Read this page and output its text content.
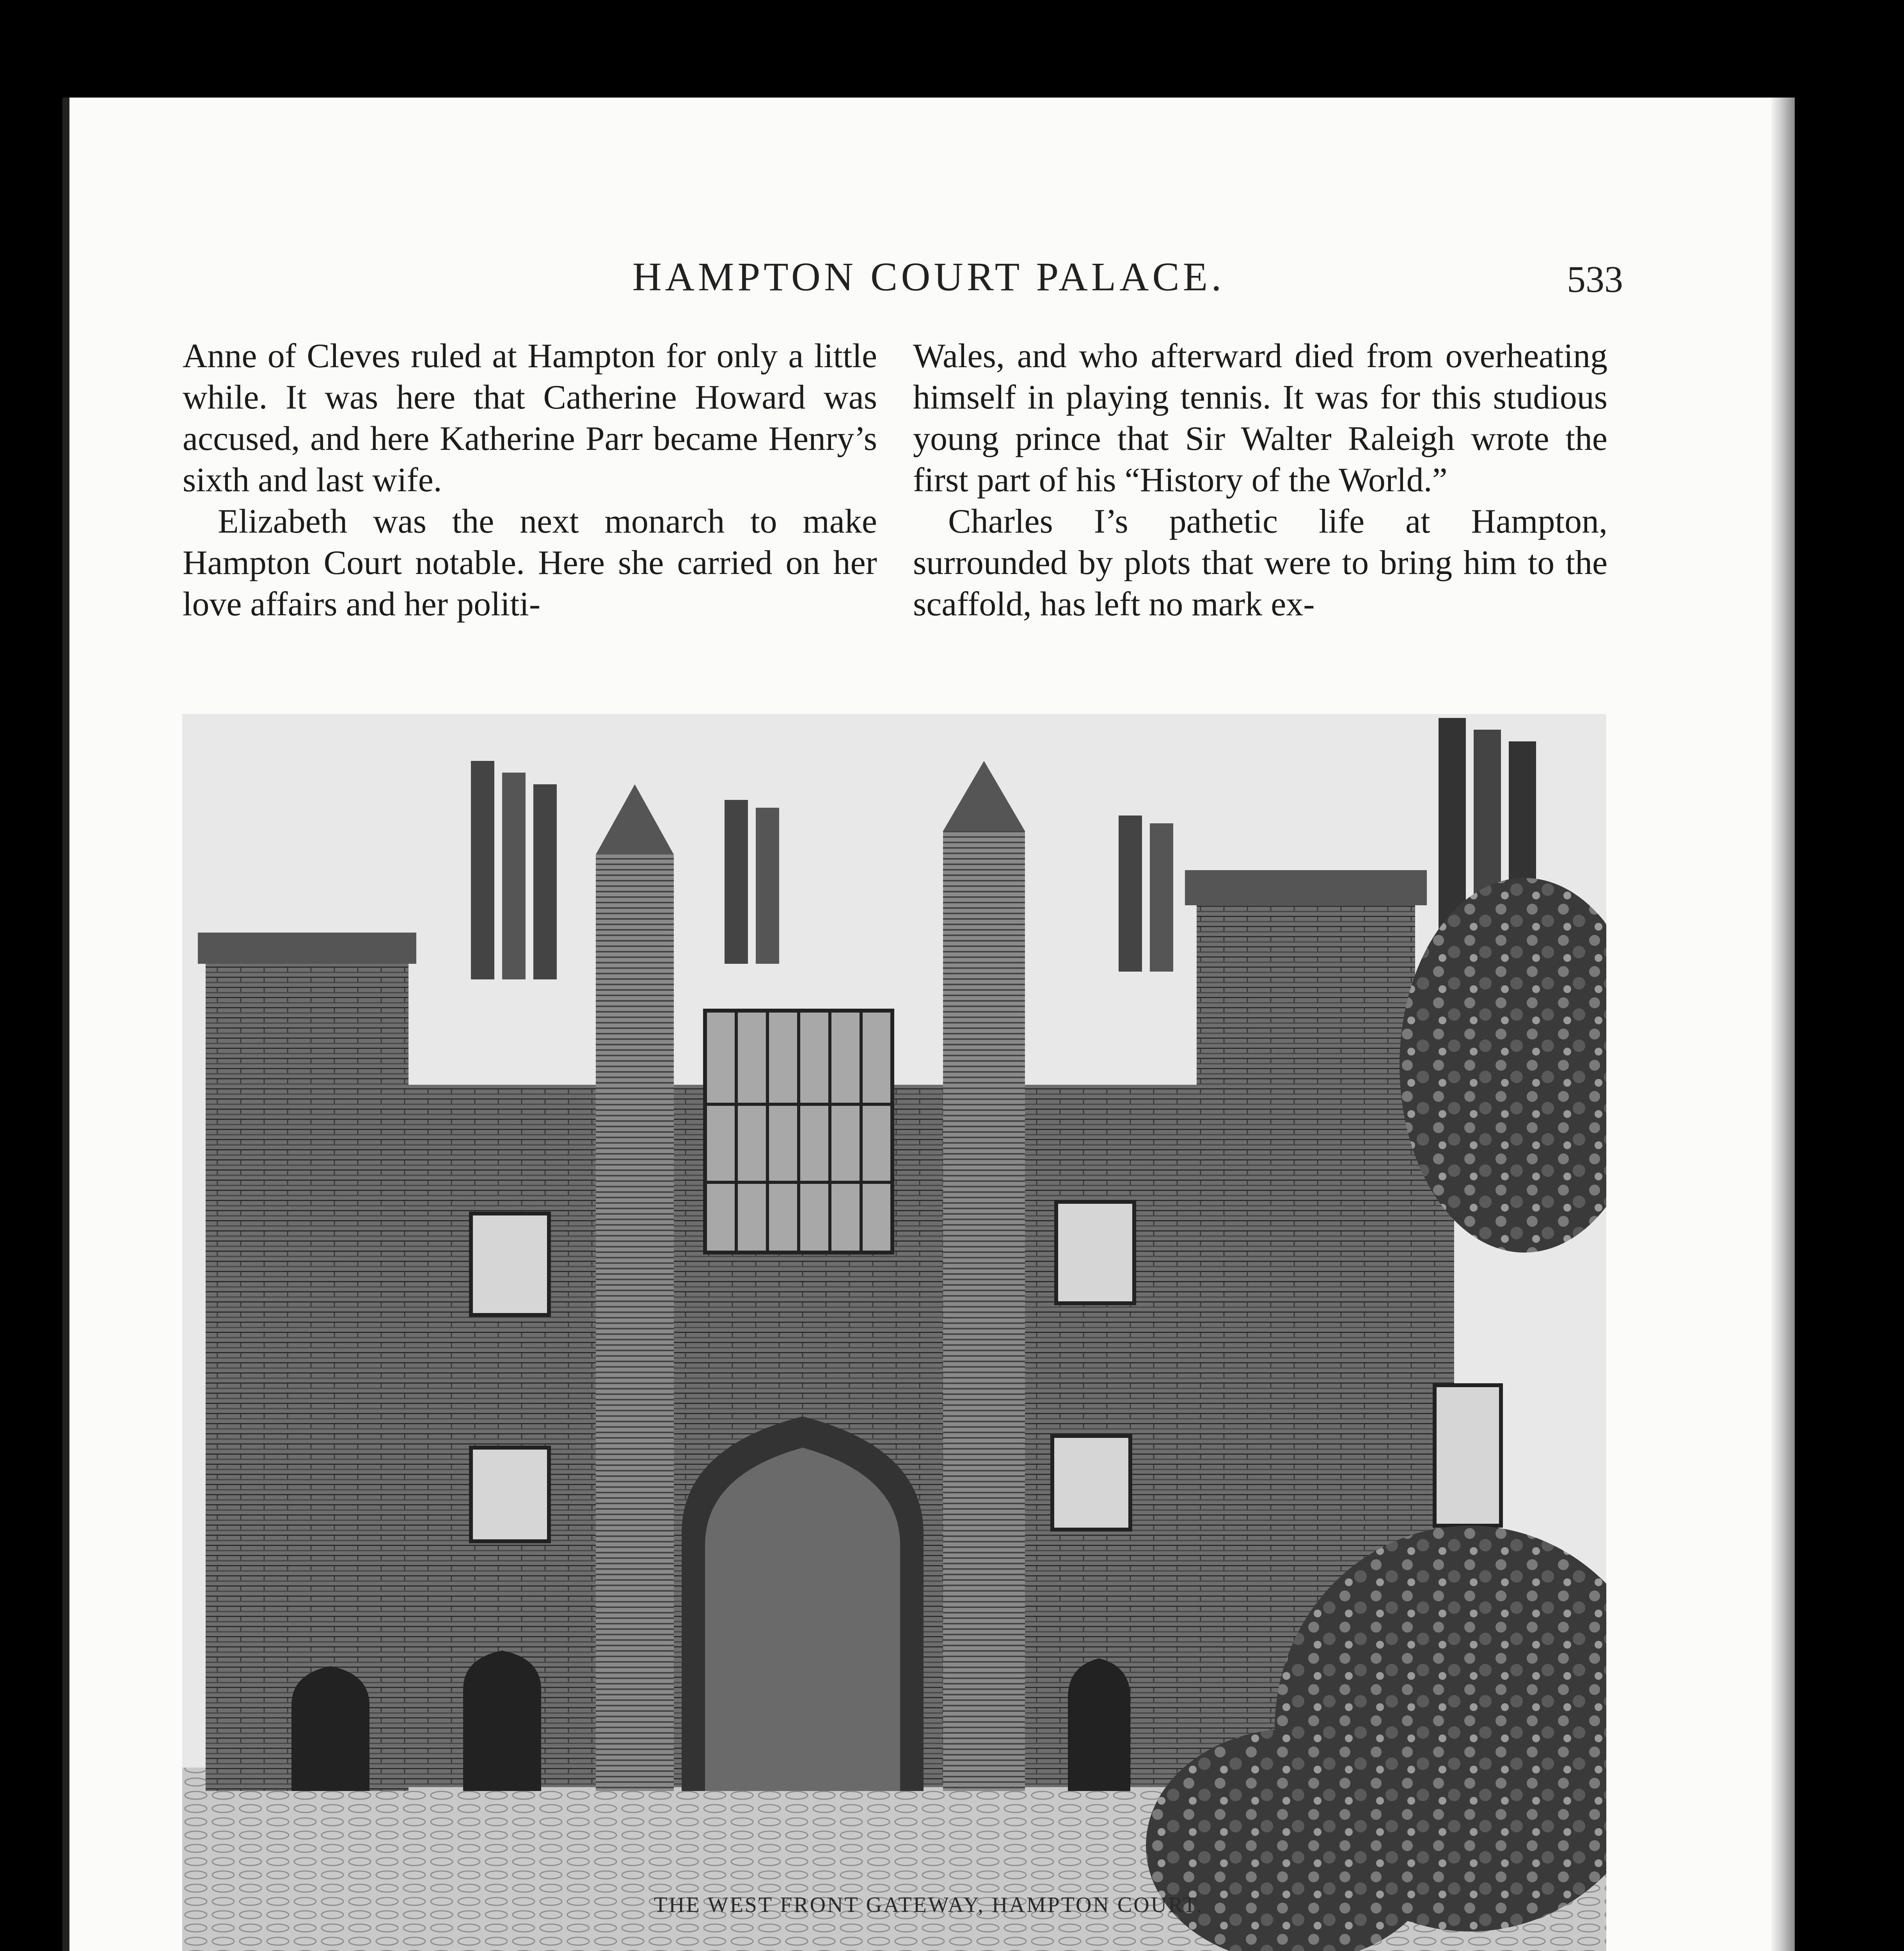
HAMPTON COURT PALACE.	533

Anne of Cleves ruled at Hampton for only a little while. It was here that Catherine Howard was accused, and here Katherine Parr became Henry’s sixth and last wife.

Elizabeth was the next monarch to make Hampton Court notable. Here she carried on her love affairs and her politi-

Wales, and who afterward died from overheating himself in playing tennis. It was for this studious young prince that Sir Walter Raleigh wrote the first part of his “History of the World.”

Charles I’s pathetic life at Hampton, surrounded by plots that were to bring him to the scaffold, has left no mark ex-

THE WEST FRONT GATEWAY, HAMPTON COURT.
